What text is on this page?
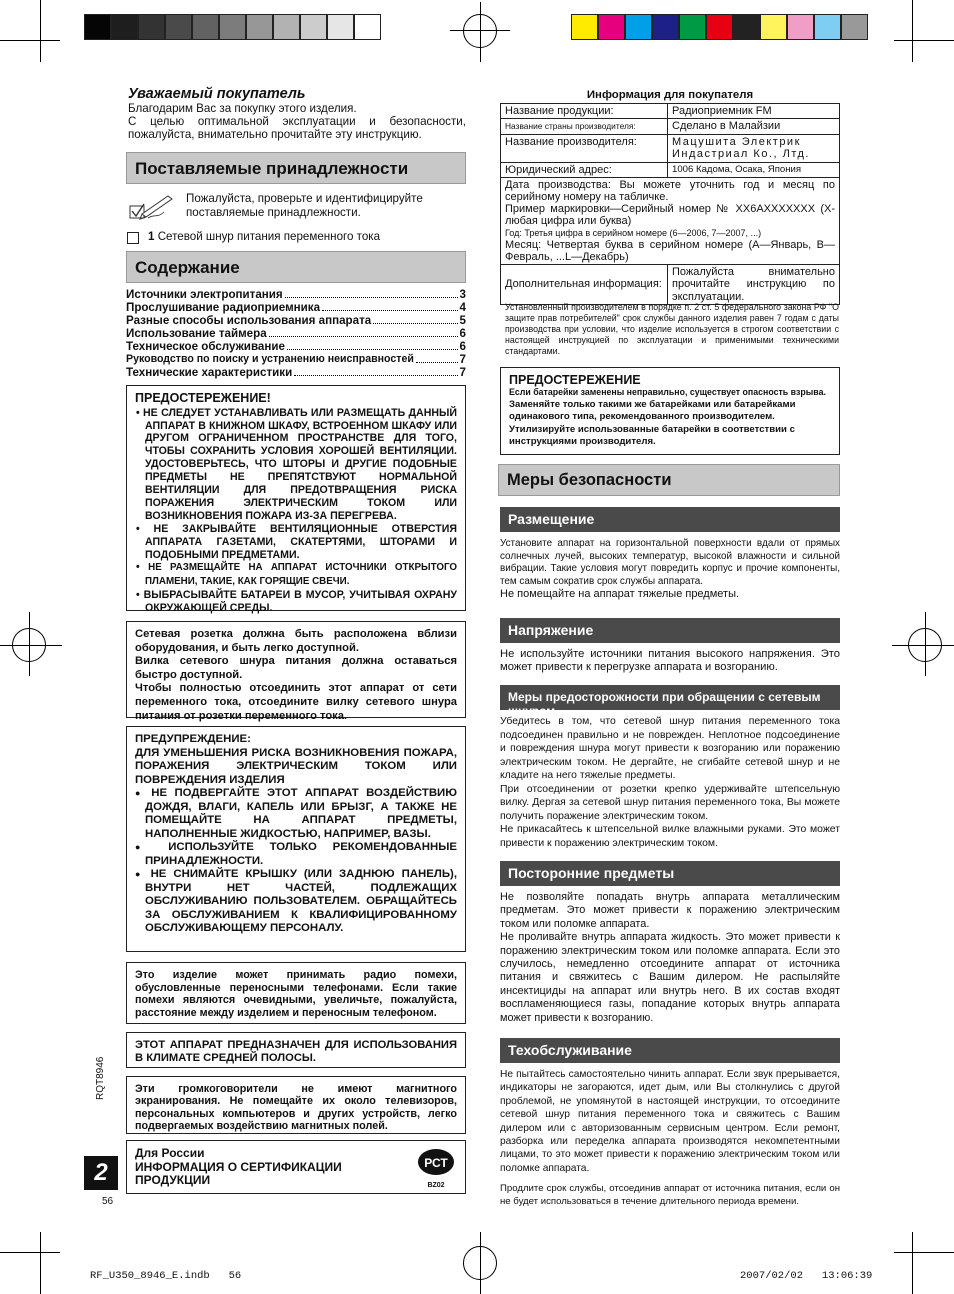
Уважаемый покупатель
Благодарим Вас за покупку этого изделия.
С целью оптимальной эксплуатации и безопасности, пожалуйста, внимательно прочитайте эту инструкцию.
Поставляемые принадлежности
Пожалуйста, проверьте и идентифицируйте поставляемые принадлежности.
1 Сетевой шнур питания переменного тока
Содержание
Источники электропитания	3
Прослушивание радиоприемника	4
Разные способы использования аппарата	5
Использование таймера	6
Техническое обслуживание	6
Руководство по поиску и устранению неисправностей	7
Технические характеристики	7
ПРЕДОСТЕРЕЖЕНИЕ!
• НЕ СЛЕДУЕТ УСТАНАВЛИВАТЬ ИЛИ РАЗМЕЩАТЬ ДАННЫЙ АППАРАТ В КНИЖНОМ ШКАФУ, ВСТРОЕННОМ ШКАФУ ИЛИ ДРУГОМ ОГРАНИЧЕННОМ ПРОСТРАНСТВЕ ДЛЯ ТОГО, ЧТОБЫ СОХРАНИТЬ УСЛОВИЯ ХОРОШЕЙ ВЕНТИЛЯЦИИ. УДОСТОВЕРЬТЕСЬ, ЧТО ШТОРЫ И ДРУГИЕ ПОДОБНЫЕ ПРЕДМЕТЫ НЕ ПРЕПЯТСТВУЮТ НОРМАЛЬНОЙ ВЕНТИЛЯЦИИ ДЛЯ ПРЕДОТВРАЩЕНИЯ РИСКА ПОРАЖЕНИЯ ЭЛЕКТРИЧЕСКИМ ТОКОМ ИЛИ ВОЗНИКНОВЕНИЯ ПОЖАРА ИЗ-ЗА ПЕРЕГРЕВА.
• НЕ ЗАКРЫВАЙТЕ ВЕНТИЛЯЦИОННЫЕ ОТВЕРСТИЯ АППАРАТА ГАЗЕТАМИ, СКАТЕРТЯМИ, ШТОРАМИ И ПОДОБНЫМИ ПРЕДМЕТАМИ.
• НЕ РАЗМЕЩАЙТЕ НА АППАРАТ ИСТОЧНИКИ ОТКРЫТОГО ПЛАМЕНИ, ТАКИЕ, КАК ГОРЯЩИЕ СВЕЧИ.
• ВЫБРАСЫВАЙТЕ БАТАРЕИ В МУСОР, УЧИТЫВАЯ ОХРАНУ ОКРУЖАЮЩЕЙ СРЕДЫ.

Сетевая розетка должна быть расположена вблизи оборудования, и быть легко доступной.

Вилка сетевого шнура питания должна оставаться быстро доступной.

Чтобы полностью отсоединить этот аппарат от сети переменного тока, отсоедините вилку сетевого шнура питания от розетки переменного тока.

ПРЕДУПРЕЖДЕНИЕ:

ДЛЯ УМЕНЬШЕНИЯ РИСКА ВОЗНИКНОВЕНИЯ ПОЖАРА, ПОРАЖЕНИЯ ЭЛЕКТРИЧЕСКИМ ТОКОМ ИЛИ ПОВРЕЖДЕНИЯ ИЗДЕЛИЯ

● НЕ ПОДВЕРГАЙТЕ ЭТОТ АППАРАТ ВОЗДЕЙСТВИЮ ДОЖДЯ, ВЛАГИ, КАПЕЛЬ ИЛИ БРЫЗГ, А ТАКЖЕ НЕ ПОМЕЩАЙТЕ НА АППАРАТ ПРЕДМЕТЫ, НАПОЛНЕННЫЕ ЖИДКОСТЬЮ, НАПРИМЕР, ВАЗЫ.
● ИСПОЛЬЗУЙТЕ ТОЛЬКО РЕКОМЕНДОВАННЫЕ ПРИНАДЛЕЖНОСТИ.
● НЕ СНИМАЙТЕ КРЫШКУ (ИЛИ ЗАДНЮЮ ПАНЕЛЬ), ВНУТРИ НЕТ ЧАСТЕЙ, ПОДЛЕЖАЩИХ ОБСЛУЖИВАНИЮ ПОЛЬЗОВАТЕЛЕМ. ОБРАЩАЙТЕСЬ ЗА ОБСЛУЖИВАНИЕМ К КВАЛИФИЦИРОВАННОМУ ОБСЛУЖИВАЮЩЕМУ ПЕРСОНАЛУ.
Это изделие может принимать радио помехи, обусловленные переносными телефонами. Если такие помехи являются очевидными, увеличьте, пожалуйста, расстояние между изделием и переносным телефоном.
ЭТОТ АППАРАТ ПРЕДНАЗНАЧЕН ДЛЯ ИСПОЛЬЗОВАНИЯ В КЛИМАТЕ СРЕДНЕЙ ПОЛОСЫ.
Эти громкоговорители не имеют магнитного экранирования. Не помещайте их около телевизоров, персональных компьютеров и других устройств, легко подвергаемых воздействию магнитных полей.
Для России
ИНФОРМАЦИЯ О СЕРТИФИКАЦИИ
ПРОДУКЦИИ
РСТ
BZ02
RQT8946
2
56
Информация для покупателя
Название продукции:	Радиоприемник FM
Название страны производителя:	Сделано в Малайзии
Название производителя:	Мацушита Электрик Индастриал Ко., Лтд.
Юридический адрес:	1006 Кадома, Осака, Япония

Дата производства: Вы можете уточнить год и месяц по серийному номеру на табличке.
Пример маркировки—Серийный номер № XX6AXXXXXXX (X-любая цифра или буква)
Год: Третья цифра в серийном номере (6—2006, 7—2007, ...)
Месяц: Четвертая буква в серийном номере (A—Январь, B—Февраль, ...L—Декабрь)	

Дополнительная информация:	Пожалуйста внимательно прочитайте инструкцию по эксплуатации.
Установленный производителем в порядке п. 2 ст. 5 федерального закона РФ "О защите прав потребителей" срок службы данного изделия равен 7 годам с даты производства при условии, что изделие используется в строгом соответствии с настоящей инструкцией по эксплуатации и применимыми техническими стандартами.
ПРЕДОСТЕРЕЖЕНИЕ
Если батарейки заменены неправильно, существует опасность взрыва.
Заменяйте только такими же батарейками или батарейками одинакового типа, рекомендованного производителем.
Утилизируйте использованные батарейки в соответствии с инструкциями производителя.
Меры безопасности
Размещение

Установите аппарат на горизонтальной поверхности вдали от прямых солнечных лучей, высоких температур, высокой влажности и сильной вибрации. Такие условия могут повредить корпус и прочие компоненты, тем самым сократив срок службы аппарата.

Не помещайте на аппарат тяжелые предметы.

Напряжение
Не используйте источники питания высокого напряжения. Это может привести к перегрузке аппарата и возгоранию.
Меры предосторожности при обращении с сетевым шнуром

Убедитесь в том, что сетевой шнур питания переменного тока подсоединен правильно и не поврежден. Неплотное подсоединение и повреждения шнура могут привести к возгоранию или поражению электрическим током. Не дергайте, не сгибайте сетевой шнур и не кладите на него тяжелые предметы.

При отсоединении от розетки крепко удерживайте штепсельную вилку. Дергая за сетевой шнур питания переменного тока, Вы можете получить поражение электрическим током.

Не прикасайтесь к штепсельной вилке влажными руками. Это может привести к поражению электрическим током.

Посторонние предметы

Не позволяйте попадать внутрь аппарата металлическим предметам. Это может привести к поражению электрическим током или поломке аппарата.

Не проливайте внутрь аппарата жидкость. Это может привести к поражению электрическим током или поломке аппарата. Если это случилось, немедленно отсоедините аппарат от источника питания и свяжитесь с Вашим дилером. Не распыляйте инсектициды на аппарат или внутрь него. В их состав входят воспламеняющиеся газы, попадание которых внутрь аппарата может привести к возгоранию.

Техобслуживание

Не пытайтесь самостоятельно чинить аппарат. Если звук прерывается, индикаторы не загораются, идет дым, или Вы столкнулись с другой проблемой, не упомянутой в настоящей инструкции, то отсоедините сетевой шнур питания переменного тока и свяжитесь с Вашим дилером или с авторизованным сервисным центром. Если ремонт, разборка или переделка аппарата производятся некомпетентными лицами, то это может привести к поражению электрическим током или поломке аппарата.

Продлите срок службы, отсоединив аппарат от источника питания, если он не будет использоваться в течение длительного периода времени.

RF_U350_8946_E.indb   56	2007/02/02   13:06:39
